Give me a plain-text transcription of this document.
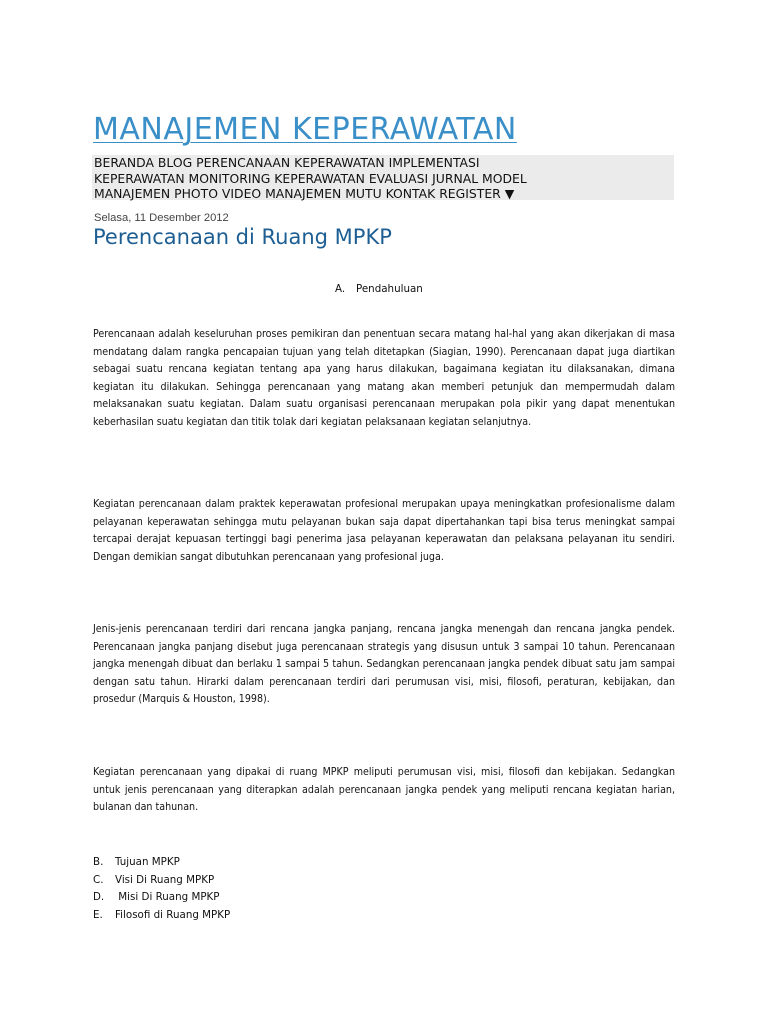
MANAJEMEN KEPERAWATAN
BERANDA BLOG PERENCANAAN KEPERAWATAN IMPLEMENTASI
KEPERAWATAN MONITORING KEPERAWATAN EVALUASI JURNAL MODEL
MANAJEMEN PHOTO VIDEO MANAJEMEN MUTU KONTAK REGISTER ▼
Selasa, 11 Desember 2012
Perencanaan di Ruang MPKP
A. Pendahuluan

Perencanaan adalah keseluruhan proses pemikiran dan penentuan secara matang hal-hal yang akan dikerjakan di masa mendatang dalam rangka pencapaian tujuan yang telah ditetapkan (Siagian, 1990). Perencanaan dapat juga diartikan sebagai suatu rencana kegiatan tentang apa yang harus dilakukan, bagaimana kegiatan itu dilaksanakan, dimana kegiatan itu dilakukan. Sehingga perencanaan yang matang akan memberi petunjuk dan mempermudah dalam melaksanakan suatu kegiatan. Dalam suatu organisasi perencanaan merupakan pola pikir yang dapat menentukan keberhasilan suatu kegiatan dan titik tolak dari kegiatan pelaksanaan kegiatan selanjutnya.

Kegiatan perencanaan dalam praktek keperawatan profesional merupakan upaya meningkatkan profesionalisme dalam pelayanan keperawatan sehingga mutu pelayanan bukan saja dapat dipertahankan tapi bisa terus meningkat sampai tercapai derajat kepuasan tertinggi bagi penerima jasa pelayanan keperawatan dan pelaksana pelayanan itu sendiri. Dengan demikian sangat dibutuhkan perencanaan yang profesional juga.

Jenis-jenis perencanaan terdiri dari rencana jangka panjang, rencana jangka menengah dan rencana jangka pendek. Perencanaan jangka panjang disebut juga perencanaan strategis yang disusun untuk 3 sampai 10 tahun. Perencanaan jangka menengah dibuat dan berlaku 1 sampai 5 tahun. Sedangkan perencanaan jangka pendek dibuat satu jam sampai dengan satu tahun. Hirarki dalam perencanaan terdiri dari perumusan visi, misi, filosofi, peraturan, kebijakan, dan prosedur (Marquis & Houston, 1998).

Kegiatan perencanaan yang dipakai di ruang MPKP meliputi perumusan visi, misi, filosofi dan kebijakan. Sedangkan untuk jenis perencanaan yang diterapkan adalah perencanaan jangka pendek yang meliputi rencana kegiatan harian, bulanan dan tahunan.

B. Tujuan MPKP
C. Visi Di Ruang MPKP
D. Misi Di Ruang MPKP
E. Filosofi di Ruang MPKP
